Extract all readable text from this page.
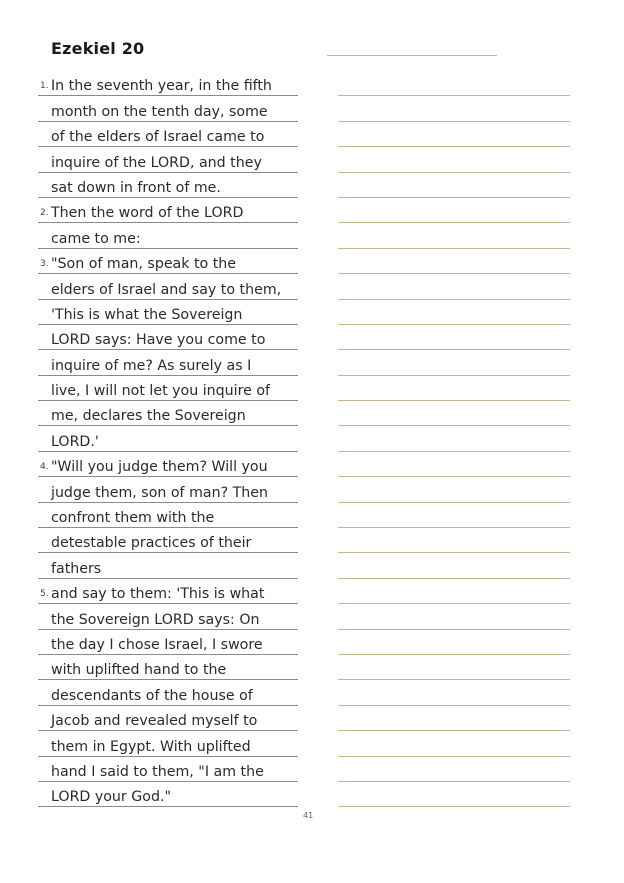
Ezekiel 20
1. In the seventh year, in the fifth
month on the tenth day, some
of the elders of Israel came to
inquire of the LORD, and they
sat down in front of me.
2. Then the word of the LORD
came to me:
3. "Son of man, speak to the
elders of Israel and say to them,
'This is what the Sovereign
LORD says: Have you come to
inquire of me? As surely as I
live, I will not let you inquire of
me, declares the Sovereign
LORD.'
4. "Will you judge them? Will you
judge them, son of man? Then
confront them with the
detestable practices of their
fathers
5. and say to them: 'This is what
the Sovereign LORD says: On
the day I chose Israel, I swore
with uplifted hand to the
descendants of the house of
Jacob and revealed myself to
them in Egypt. With uplifted
hand I said to them, "I am the
LORD your God."
41
